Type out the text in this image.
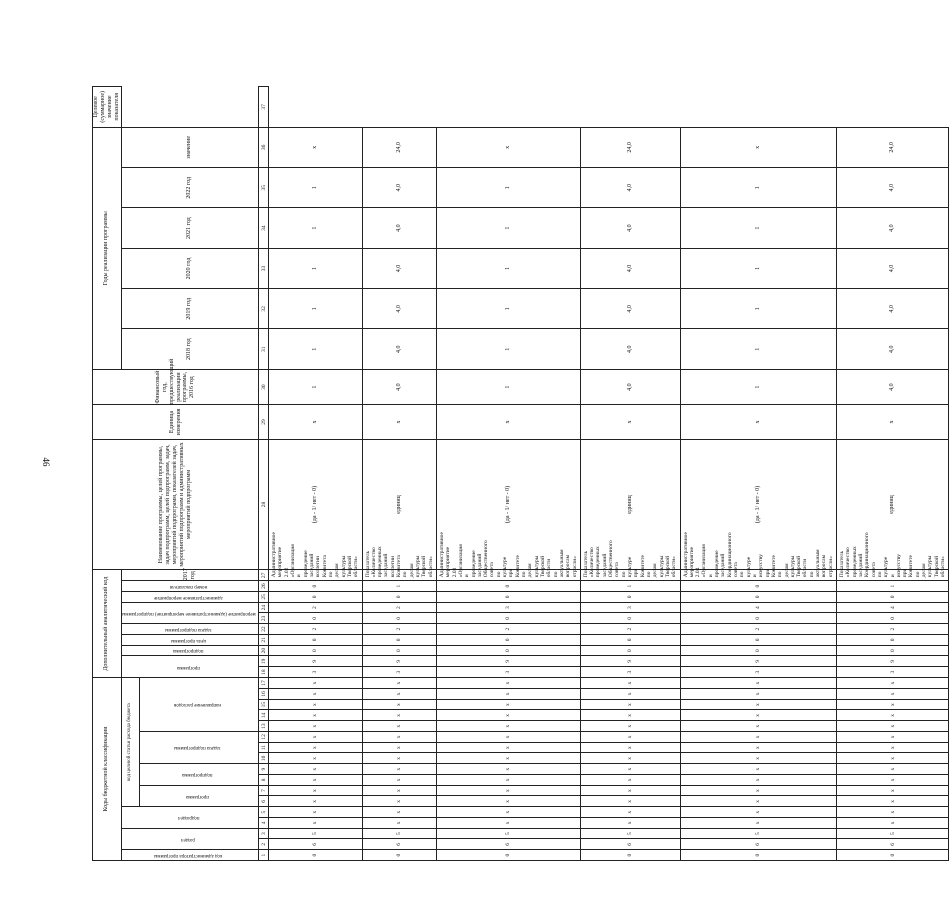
46
Коды бюджетной классификации																	Дополнительный аналитический код										Наименование программы, целей программы, задач подпрограмм, целей подпрограмм, задач, мероприятий подпрограмм, показателей задач, мероприятий подпрограмм и административных мероприятий подпрограмм	Единица измерения	Финансовый год, предшествующий реализации программы, 2016 год	Годы реализации программы						Целевое (суммарное) значение показателя
код администратора программы	раздел		подраздел		код целевой статьи расхода бюджета												программа		подпрограмма	цель программы	задача подпрограммы	мероприятие (административное мероприятие) подпрограммы		административное мероприятие	номер показателя	2017 год				2018 год	2019 год	2020 год	2021 год	2022 год	значение	
					программа		подпрограмма		задача подпрограммы			направление расходов																								
1	2	3	4	5	6	7	8	9	10	11	12	13	14	15	16	17	18	19	20	21	22	23	24	25	26	27	28	29	30	31	32	33	34	35	36	37
0	6	5	х	х	х	х	х	х	х	х	х	х	х	х	х	х	3	9	0	0	2	0	2	0	0	Административное мероприятие 2.02 «Организация и проведение заседаний коллегии Комитета по делам культуры Тверской области»	(да - 1/ нет - 0)	х	1	1	1	1	1	1	х	
0	6	5	х	х	х	х	х	х	х	х	х	х	х	х	х	х	3	9	0	0	2	0	2	0	1	Показатель «Количество проведенных заседаний коллегии Комитета по делам культуры Тверской области»	единиц	х	4,0	4,0	4,0	4,0	4,0	4,0	24,0	
0	6	5	х	х	х	х	х	х	х	х	х	х	х	х	х	х	3	9	0	0	2	0	3	0	0	Административное мероприятие 2.03 «Организация и проведение заседаний Общественного совета по культуре при Комитете по делам культуры Тверской области по актуальным вопросам отрасли»	(да - 1/ нет - 0)	х	1	1	1	1	1	1	х	
0	6	5	х	х	х	х	х	х	х	х	х	х	х	х	х	х	3	9	0	0	2	0	3	0	1	Показатель «Количество проведенных заседаний Общественного совета по культуре при Комитете по делам культуры Тверской области»	единиц	х	4,0	4,0	4,0	4,0	4,0	4,0	24,0	
0	6	5	х	х	х	х	х	х	х	х	х	х	х	х	х	х	3	9	0	0	2	0	4	0	0	Административное мероприятие 2.04 «Организация и проведение заседаний Координационного совета по культуре и искусству при Комитете по делам культуры Тверской области по актуальным вопросам отрасли»	(да - 1/ нет - 0)	х	1	1	1	1	1	1	х	
0	6	5	х	х	х	х	х	х	х	х	х	х	х	х	х	х	3	9	0	0	2	0	4	0	1	Показатель «Количество проведенных заседаний Координационного совета по культуре и искусству при Комитете по делам культуры Тверской области»	единиц	х	4,0	4,0	4,0	4,0	4,0	4,0	24,0	
